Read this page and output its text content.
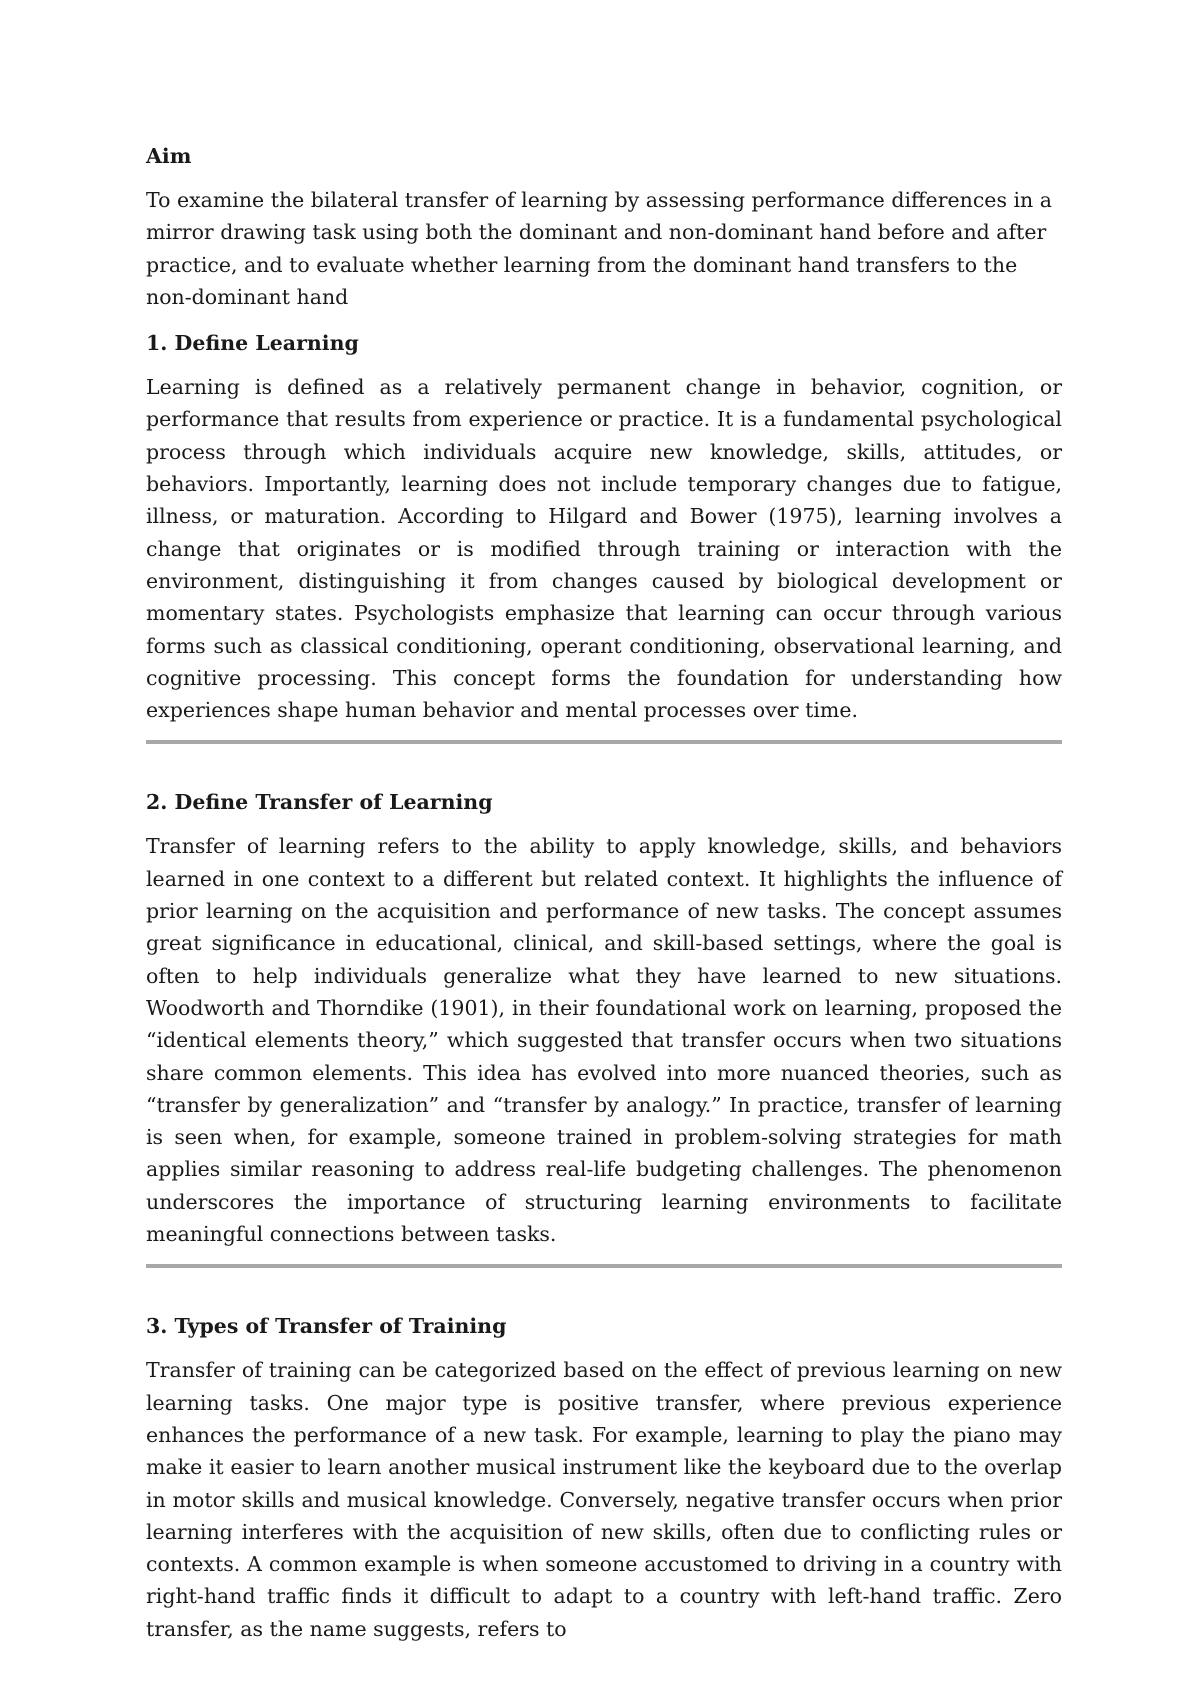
Aim

To examine the bilateral transfer of learning by assessing performance differences in a mirror drawing task using both the dominant and non-dominant hand before and after practice, and to evaluate whether learning from the dominant hand transfers to the non-dominant hand

1. Define Learning

Learning is defined as a relatively permanent change in behavior, cognition, or performance that results from experience or practice. It is a fundamental psychological process through which individuals acquire new knowledge, skills, attitudes, or behaviors. Importantly, learning does not include temporary changes due to fatigue, illness, or maturation. According to Hilgard and Bower (1975), learning involves a change that originates or is modified through training or interaction with the environment, distinguishing it from changes caused by biological development or momentary states. Psychologists emphasize that learning can occur through various forms such as classical conditioning, operant conditioning, observational learning, and cognitive processing. This concept forms the foundation for understanding how experiences shape human behavior and mental processes over time.

2. Define Transfer of Learning

Transfer of learning refers to the ability to apply knowledge, skills, and behaviors learned in one context to a different but related context. It highlights the influence of prior learning on the acquisition and performance of new tasks. The concept assumes great significance in educational, clinical, and skill-based settings, where the goal is often to help individuals generalize what they have learned to new situations. Woodworth and Thorndike (1901), in their foundational work on learning, proposed the “identical elements theory,” which suggested that transfer occurs when two situations share common elements. This idea has evolved into more nuanced theories, such as “transfer by generalization” and “transfer by analogy.” In practice, transfer of learning is seen when, for example, someone trained in problem-solving strategies for math applies similar reasoning to address real-life budgeting challenges. The phenomenon underscores the importance of structuring learning environments to facilitate meaningful connections between tasks.

3. Types of Transfer of Training

Transfer of training can be categorized based on the effect of previous learning on new learning tasks. One major type is positive transfer, where previous experience enhances the performance of a new task. For example, learning to play the piano may make it easier to learn another musical instrument like the keyboard due to the overlap in motor skills and musical knowledge. Conversely, negative transfer occurs when prior learning interferes with the acquisition of new skills, often due to conflicting rules or contexts. A common example is when someone accustomed to driving in a country with right-hand traffic finds it difficult to adapt to a country with left-hand traffic. Zero transfer, as the name suggests, refers to
